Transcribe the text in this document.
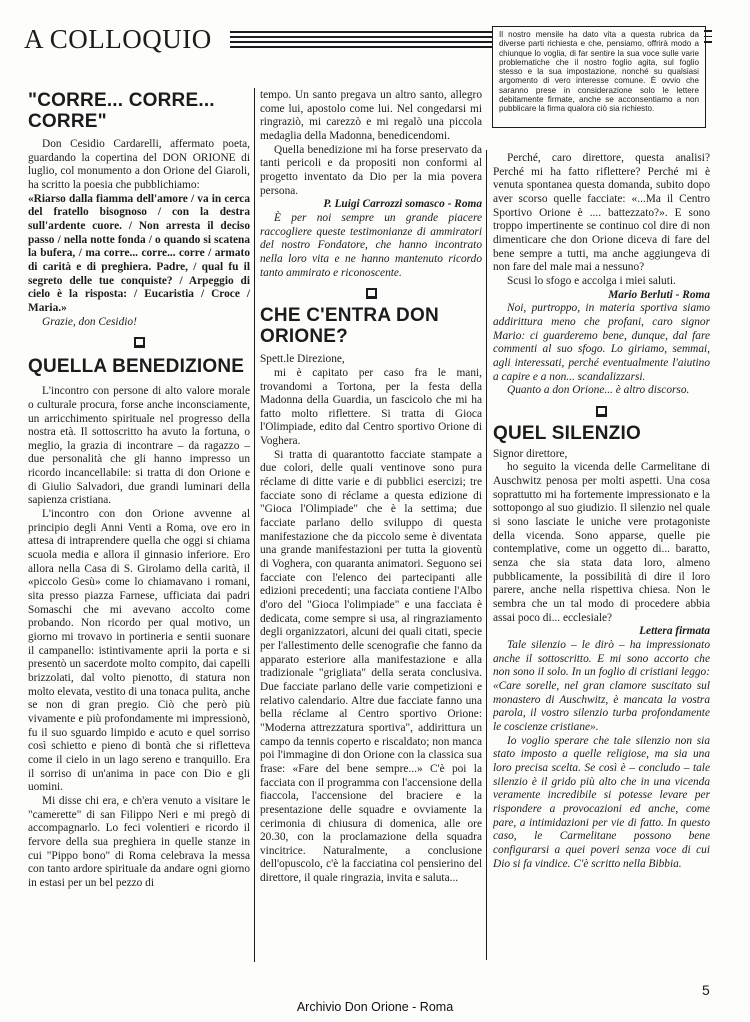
A COLLOQUIO	Il nostro mensile ha dato vita a questa rubrica da diverse parti richiesta e che, pensiamo, offrirà modo a chiunque lo voglia, di far sentire la sua voce sulle varie problematiche che il nostro foglio agita, sul foglio stesso e la sua impostazione, nonché su qualsiasi argomento di vero interesse comune. È ovvio che saranno prese in considerazione solo le lettere debitamente firmate, anche se acconsentiamo a non pubblicare la firma qualora ciò sia richiesto.
"CORRE... CORRE... CORRE"

Don Cesidio Cardarelli, affermato poeta, guardando la copertina del DON ORIONE di luglio, col monumento a don Orione del Giaroli, ha scritto la poesia che pubblichiamo:

«Riarso dalla fiamma dell'amore / va in cerca del fratello bisognoso / con la destra sull'ardente cuore. / Non arresta il deciso passo / nella notte fonda / o quando si scatena la bufera, / ma corre... corre... corre / armato di carità e di preghiera. Padre, / qual fu il segreto delle tue conquiste? / Arpeggio di cielo è la risposta: / Eucaristia / Croce / Maria.»

Grazie, don Cesidio!

QUELLA BENEDIZIONE

L'incontro con persone di alto valore morale o culturale procura, forse anche inconsciamente, un arricchimento spirituale nel progresso della nostra età. Il sottoscritto ha avuto la fortuna, o meglio, la grazia di incontrare – da ragazzo – due personalità che gli hanno impresso un ricordo incancellabile: si tratta di don Orione e di Giulio Salvadori, due grandi luminari della sapienza cristiana.

L'incontro con don Orione avvenne al principio degli Anni Venti a Roma, ove ero in attesa di intraprendere quella che oggi si chiama scuola media e allora il ginnasio inferiore. Ero allora nella Casa di S. Girolamo della carità, il «piccolo Gesù» come lo chiamavano i romani, sita presso piazza Farnese, ufficiata dai padri Somaschi che mi avevano accolto come probando. Non ricordo per qual motivo, un giorno mi trovavo in portineria e sentii suonare il campanello: istintivamente aprii la porta e si presentò un sacerdote molto compito, dai capelli brizzolati, dal volto pienotto, di statura non molto elevata, vestito di una tonaca pulita, anche se non di gran pregio. Ciò che però più vivamente e più profondamente mi impressionò, fu il suo sguardo limpido e acuto e quel sorriso così schietto e pieno di bontà che si rifletteva come il cielo in un lago sereno e tranquillo. Era il sorriso di un'anima in pace con Dio e gli uomini.

Mi disse chi era, e ch'era venuto a visitare le "camerette" di san Filippo Neri e mi pregò di accompagnarlo. Lo feci volentieri e ricordo il fervore della sua preghiera in quelle stanze in cui "Pippo bono" di Roma celebrava la messa con tanto ardore spirituale da andare ogni giorno in estasi per un bel pezzo di

tempo. Un santo pregava un altro santo, allegro come lui, apostolo come lui. Nel congedarsi mi ringraziò, mi carezzò e mi regalò una piccola medaglia della Madonna, benedicendomi.

Quella benedizione mi ha forse preservato da tanti pericoli e da propositi non conformi al progetto inventato da Dio per la mia povera persona.

P. Luigi Carrozzi somasco - Roma

È per noi sempre un grande piacere raccogliere queste testimonianze di ammiratori del nostro Fondatore, che hanno incontrato nella loro vita e ne hanno mantenuto ricordo tanto ammirato e riconoscente.

CHE C'ENTRA DON ORIONE?

Spett.le Direzione,

mi è capitato per caso fra le mani, trovandomi a Tortona, per la festa della Madonna della Guardia, un fascicolo che mi ha fatto molto riflettere. Si tratta di Gioca l'Olimpiade, edito dal Centro sportivo Orione di Voghera.

Si tratta di quarantotto facciate stampate a due colori, delle quali ventinove sono pura réclame di ditte varie e di pubblici esercizi; tre facciate sono di réclame a questa edizione di "Gioca l'Olimpiade" che è la settima; due facciate parlano dello sviluppo di questa manifestazione che da piccolo seme è diventata una grande manifestazioni per tutta la gioventù di Voghera, con quaranta animatori. Seguono sei facciate con l'elenco dei partecipanti alle edizioni precedenti; una facciata contiene l'Albo d'oro del "Gioca l'olimpiade" e una facciata è dedicata, come sempre si usa, al ringraziamento degli organizzatori, alcuni dei quali citati, specie per l'allestimento delle scenografie che fanno da apparato esteriore alla manifestazione e alla tradizionale "grigliata" della serata conclusiva. Due facciate parlano delle varie competizioni e relativo calendario. Altre due facciate fanno una bella réclame al Centro sportivo Orione: "Moderna attrezzatura sportiva", addirittura un campo da tennis coperto e riscaldato; non manca poi l'immagine di don Orione con la classica sua frase: «Fare del bene sempre...» C'è poi la facciata con il programma con l'accensione della fiaccola, l'accensione del braciere e la presentazione delle squadre e ovviamente la cerimonia di chiusura di domenica, alle ore 20.30, con la proclamazione della squadra vincitrice. Naturalmente, a conclusione dell'opuscolo, c'è la facciatina col pensierino del direttore, il quale ringrazia, invita e saluta...

Perché, caro direttore, questa analisi? Perché mi ha fatto riflettere? Perché mi è venuta spontanea questa domanda, subito dopo aver scorso quelle facciate: «...Ma il Centro Sportivo Orione è .... battezzato?». E sono troppo impertinente se continuo col dire di non dimenticare che don Orione diceva di fare del bene sempre a tutti, ma anche aggiungeva di non fare del male mai a nessuno?

Scusi lo sfogo e accolga i miei saluti.

Mario Berluti - Roma

Noi, purtroppo, in materia sportiva siamo addirittura meno che profani, caro signor Mario: ci guarderemo bene, dunque, dal fare commenti al suo sfogo. Lo giriamo, semmai, agli interessati, perché eventualmente l'aiutino a capire e a non... scandalizzarsi.

Quanto a don Orione... è altro discorso.

QUEL SILENZIO

Signor direttore,

ho seguito la vicenda delle Carmelitane di Auschwitz penosa per molti aspetti. Una cosa soprattutto mi ha fortemente impressionato e la sottopongo al suo giudizio. Il silenzio nel quale si sono lasciate le uniche vere protagoniste della vicenda. Sono apparse, quelle pie contemplative, come un oggetto di... baratto, senza che sia stata data loro, almeno pubblicamente, la possibilità di dire il loro parere, anche nella rispettiva chiesa. Non le sembra che un tal modo di procedere abbia assai poco di... ecclesiale?

Lettera firmata

Tale silenzio – le dirò – ha impressionato anche il sottoscritto. E mi sono accorto che non sono il solo. In un foglio di cristiani leggo: «Care sorelle, nel gran clamore suscitato sul monastero di Auschwitz, è mancata la vostra parola, il vostro silenzio turba profondamente le coscienze cristiane».

Io voglio sperare che tale silenzio non sia stato imposto a quelle religiose, ma sia una loro precisa scelta. Se così è – concludo – tale silenzio è il grido più alto che in una vicenda veramente incredibile si potesse levare per rispondere a provocazioni ed anche, come pare, a intimidazioni per vie di fatto. In questo caso, le Carmelitane possono bene configurarsi a quei poveri senza voce di cui Dio si fa vindice. C'è scritto nella Bibbia.

5
Archivio Don Orione - Roma
